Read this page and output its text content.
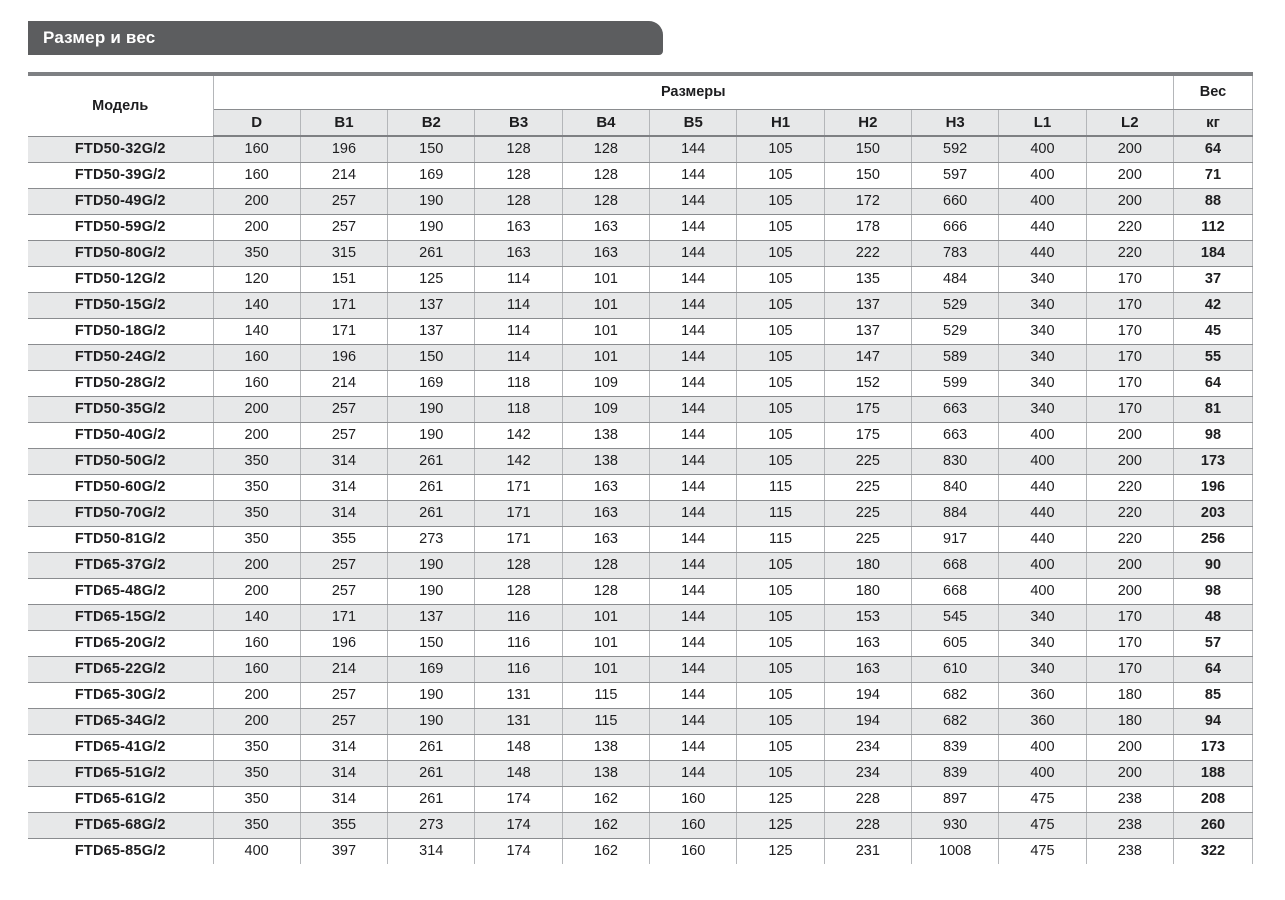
Размер и вес
Модель	Размеры											Вес
	D	B1	B2	B3	B4	B5	H1	H2	H3	L1	L2	кг
FTD50-32G/2	160	196	150	128	128	144	105	150	592	400	200	64
FTD50-39G/2	160	214	169	128	128	144	105	150	597	400	200	71
FTD50-49G/2	200	257	190	128	128	144	105	172	660	400	200	88
FTD50-59G/2	200	257	190	163	163	144	105	178	666	440	220	112
FTD50-80G/2	350	315	261	163	163	144	105	222	783	440	220	184
FTD50-12G/2	120	151	125	114	101	144	105	135	484	340	170	37
FTD50-15G/2	140	171	137	114	101	144	105	137	529	340	170	42
FTD50-18G/2	140	171	137	114	101	144	105	137	529	340	170	45
FTD50-24G/2	160	196	150	114	101	144	105	147	589	340	170	55
FTD50-28G/2	160	214	169	118	109	144	105	152	599	340	170	64
FTD50-35G/2	200	257	190	118	109	144	105	175	663	340	170	81
FTD50-40G/2	200	257	190	142	138	144	105	175	663	400	200	98
FTD50-50G/2	350	314	261	142	138	144	105	225	830	400	200	173
FTD50-60G/2	350	314	261	171	163	144	115	225	840	440	220	196
FTD50-70G/2	350	314	261	171	163	144	115	225	884	440	220	203
FTD50-81G/2	350	355	273	171	163	144	115	225	917	440	220	256
FTD65-37G/2	200	257	190	128	128	144	105	180	668	400	200	90
FTD65-48G/2	200	257	190	128	128	144	105	180	668	400	200	98
FTD65-15G/2	140	171	137	116	101	144	105	153	545	340	170	48
FTD65-20G/2	160	196	150	116	101	144	105	163	605	340	170	57
FTD65-22G/2	160	214	169	116	101	144	105	163	610	340	170	64
FTD65-30G/2	200	257	190	131	115	144	105	194	682	360	180	85
FTD65-34G/2	200	257	190	131	115	144	105	194	682	360	180	94
FTD65-41G/2	350	314	261	148	138	144	105	234	839	400	200	173
FTD65-51G/2	350	314	261	148	138	144	105	234	839	400	200	188
FTD65-61G/2	350	314	261	174	162	160	125	228	897	475	238	208
FTD65-68G/2	350	355	273	174	162	160	125	228	930	475	238	260
FTD65-85G/2	400	397	314	174	162	160	125	231	1008	475	238	322
